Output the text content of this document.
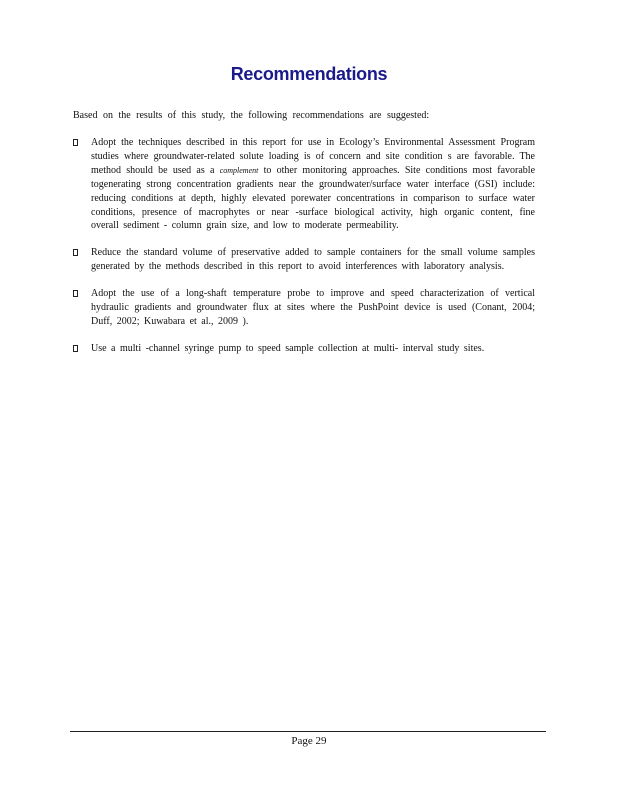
Recommendations
Based on the results of this study, the following recommendations are suggested:
Adopt the techniques described in this report for use in Ecology’s Environmental Assessment Program studies where groundwater-related solute loading is of concern and site condition s are favorable. The method should be used as a complement to other monitoring approaches. Site conditions most favorable togenerating strong concentration gradients near the groundwater/surface water interface (GSI) include: reducing conditions at depth, highly elevated porewater concentrations in comparison to surface water conditions, presence of macrophytes or near -surface biological activity, high organic content, fine overall sediment - column grain size, and low to moderate permeability.
Reduce the standard volume of preservative added to sample containers for the small volume samples generated by the methods described in this report to avoid interferences with laboratory analysis.
Adopt the use of a long-shaft temperature probe to improve and speed characterization of vertical hydraulic gradients and groundwater flux at sites where the PushPoint device is used (Conant, 2004; Duff, 2002; Kuwabara et al., 2009 ).
Use a multi -channel syringe pump to speed sample collection at multi- interval study sites.
Page 29
